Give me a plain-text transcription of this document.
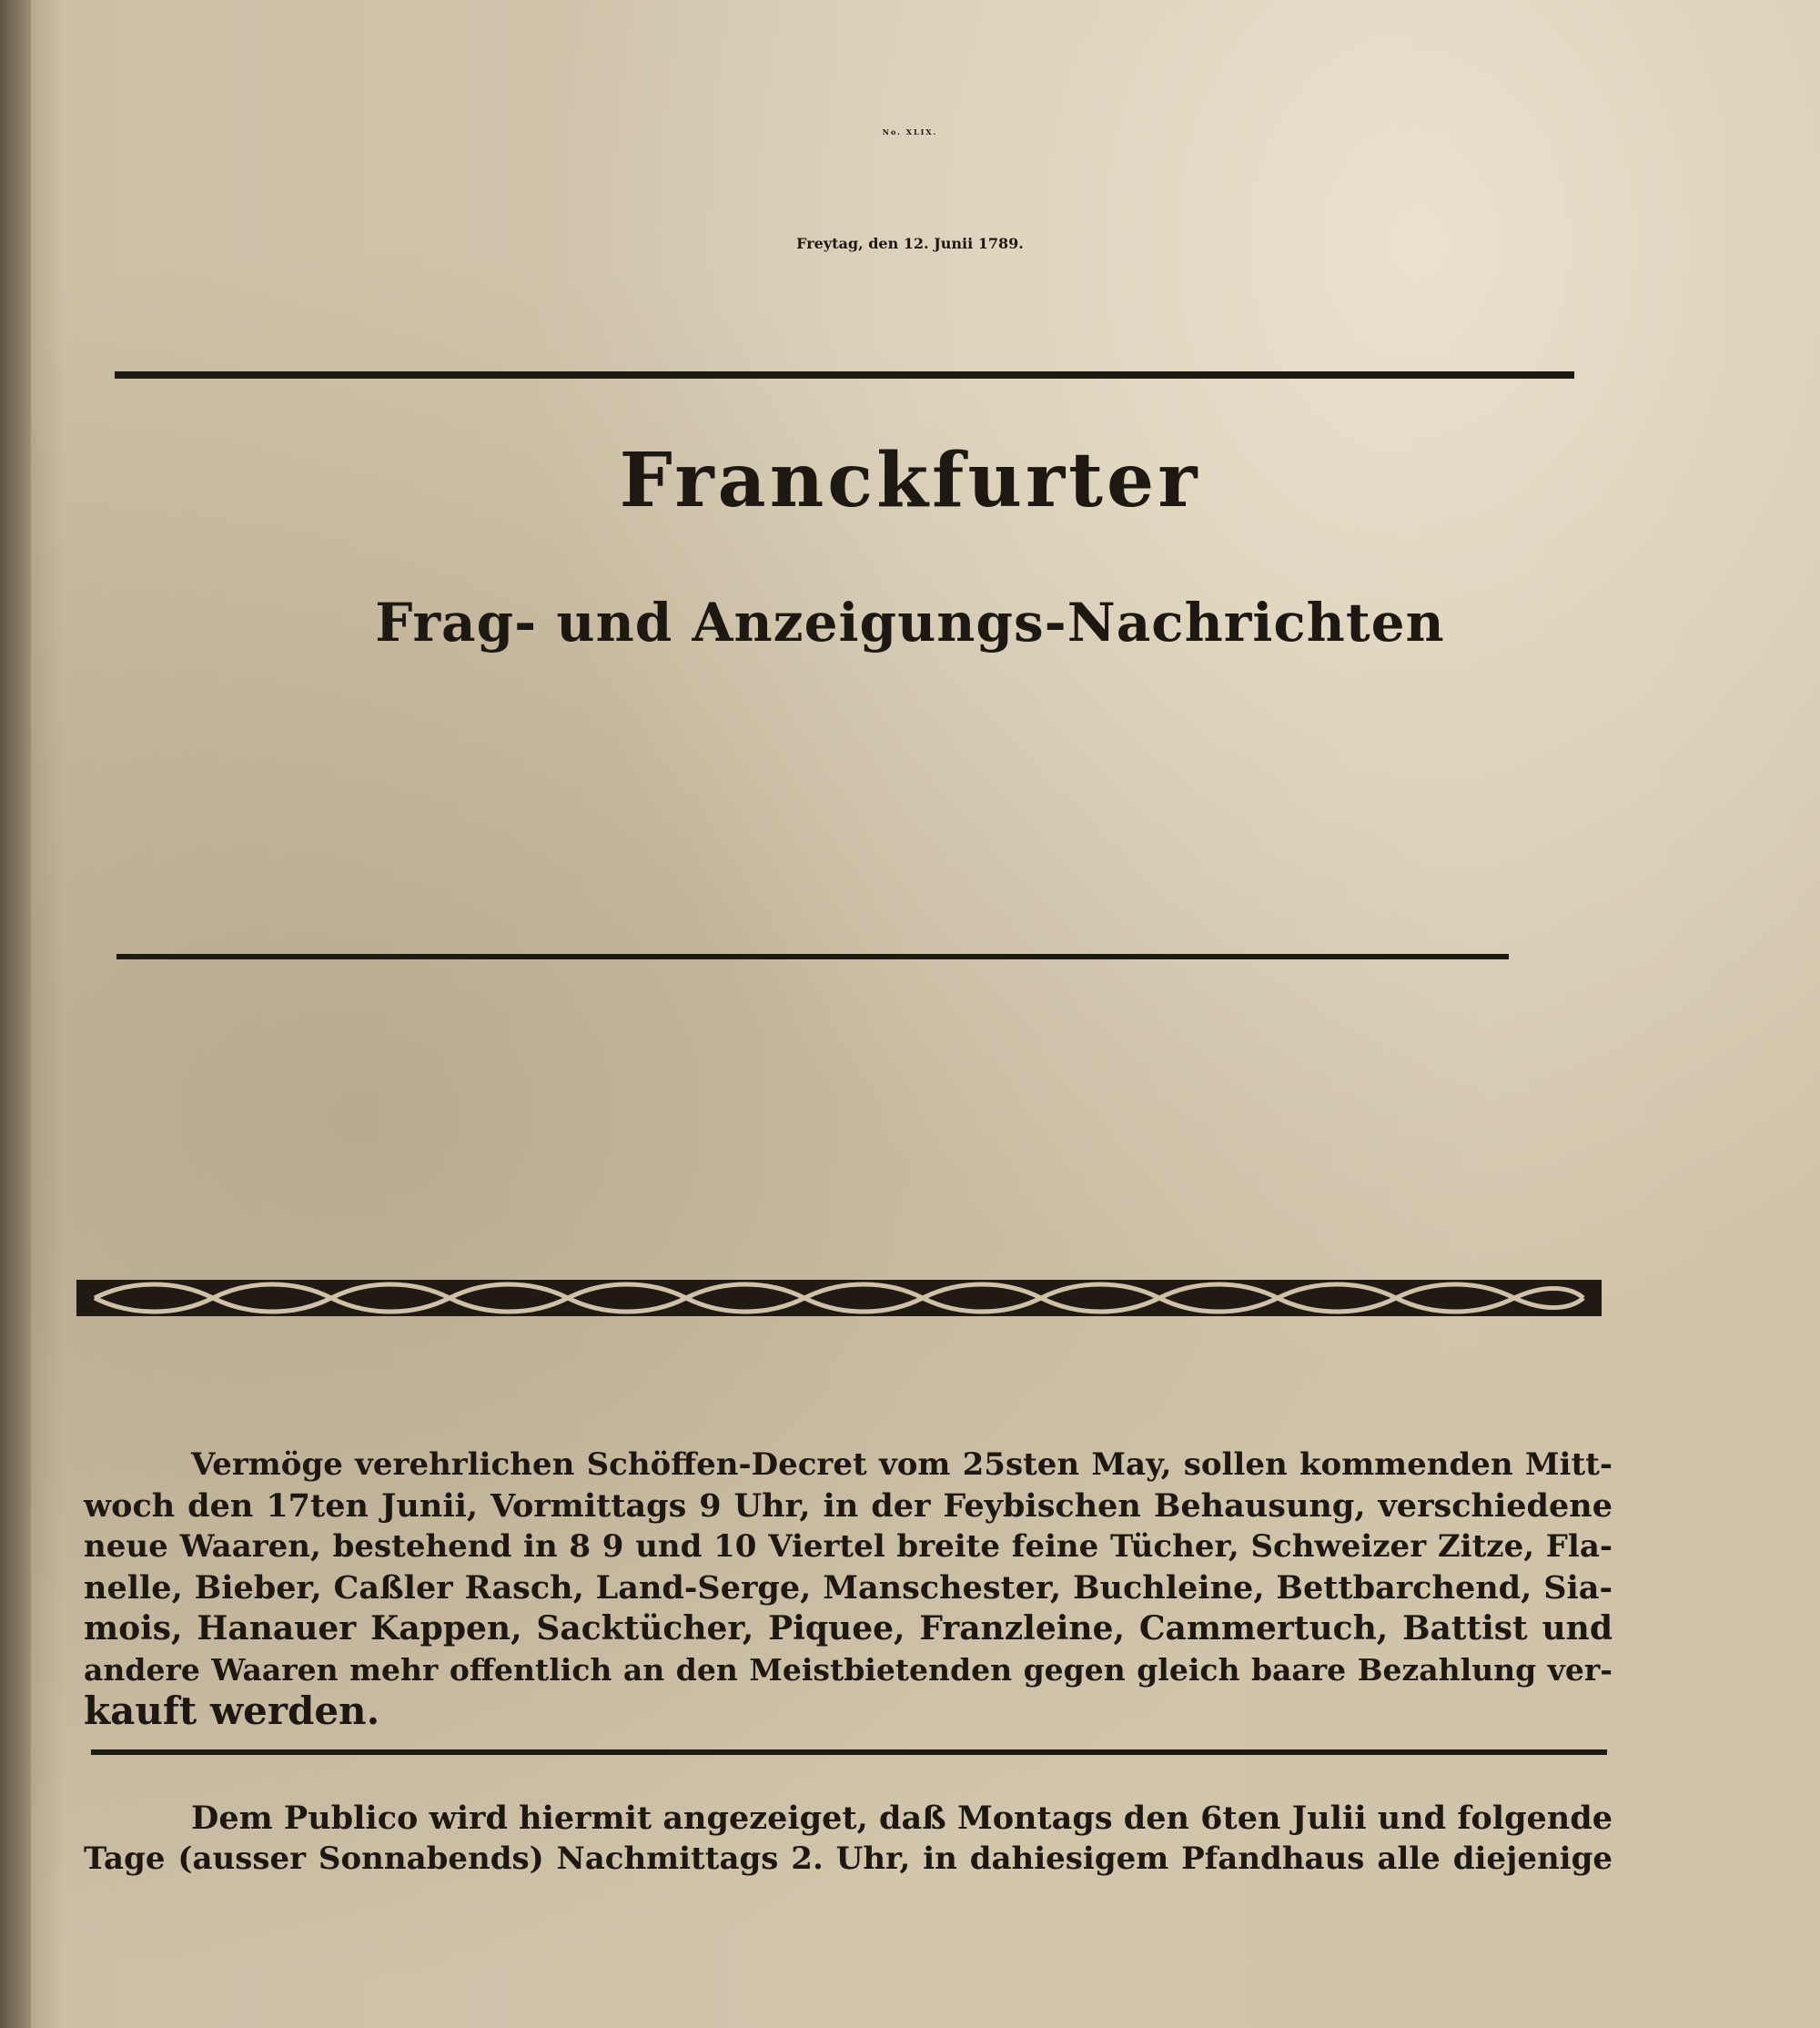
No. XLIX.
Freytag, den 12. Junii 1789.
Franckfurter
Frag- und Anzeigungs-Nachrichten
Vermöge verehrlichen Schöffen-Decret vom 25sten May, sollen kommenden Mitt-
woch den 17ten Junii, Vormittags 9 Uhr, in der Feybischen Behausung, verschiedene
neue Waaren, bestehend in 8 9 und 10 Viertel breite feine Tücher, Schweizer Zitze, Fla-
nelle, Bieber, Caßler Rasch, Land-Serge, Manschester, Buchleine, Bettbarchend, Sia-
mois, Hanauer Kappen, Sacktücher, Piquee, Franzleine, Cammertuch, Battist und
andere Waaren mehr offentlich an den Meistbietenden gegen gleich baare Bezahlung ver-
kauft werden.
Dem Publico wird hiermit angezeiget, daß Montags den 6ten Julii und folgende
Tage (ausser Sonnabends) Nachmittags 2. Uhr, in dahiesigem Pfandhaus alle diejenige
